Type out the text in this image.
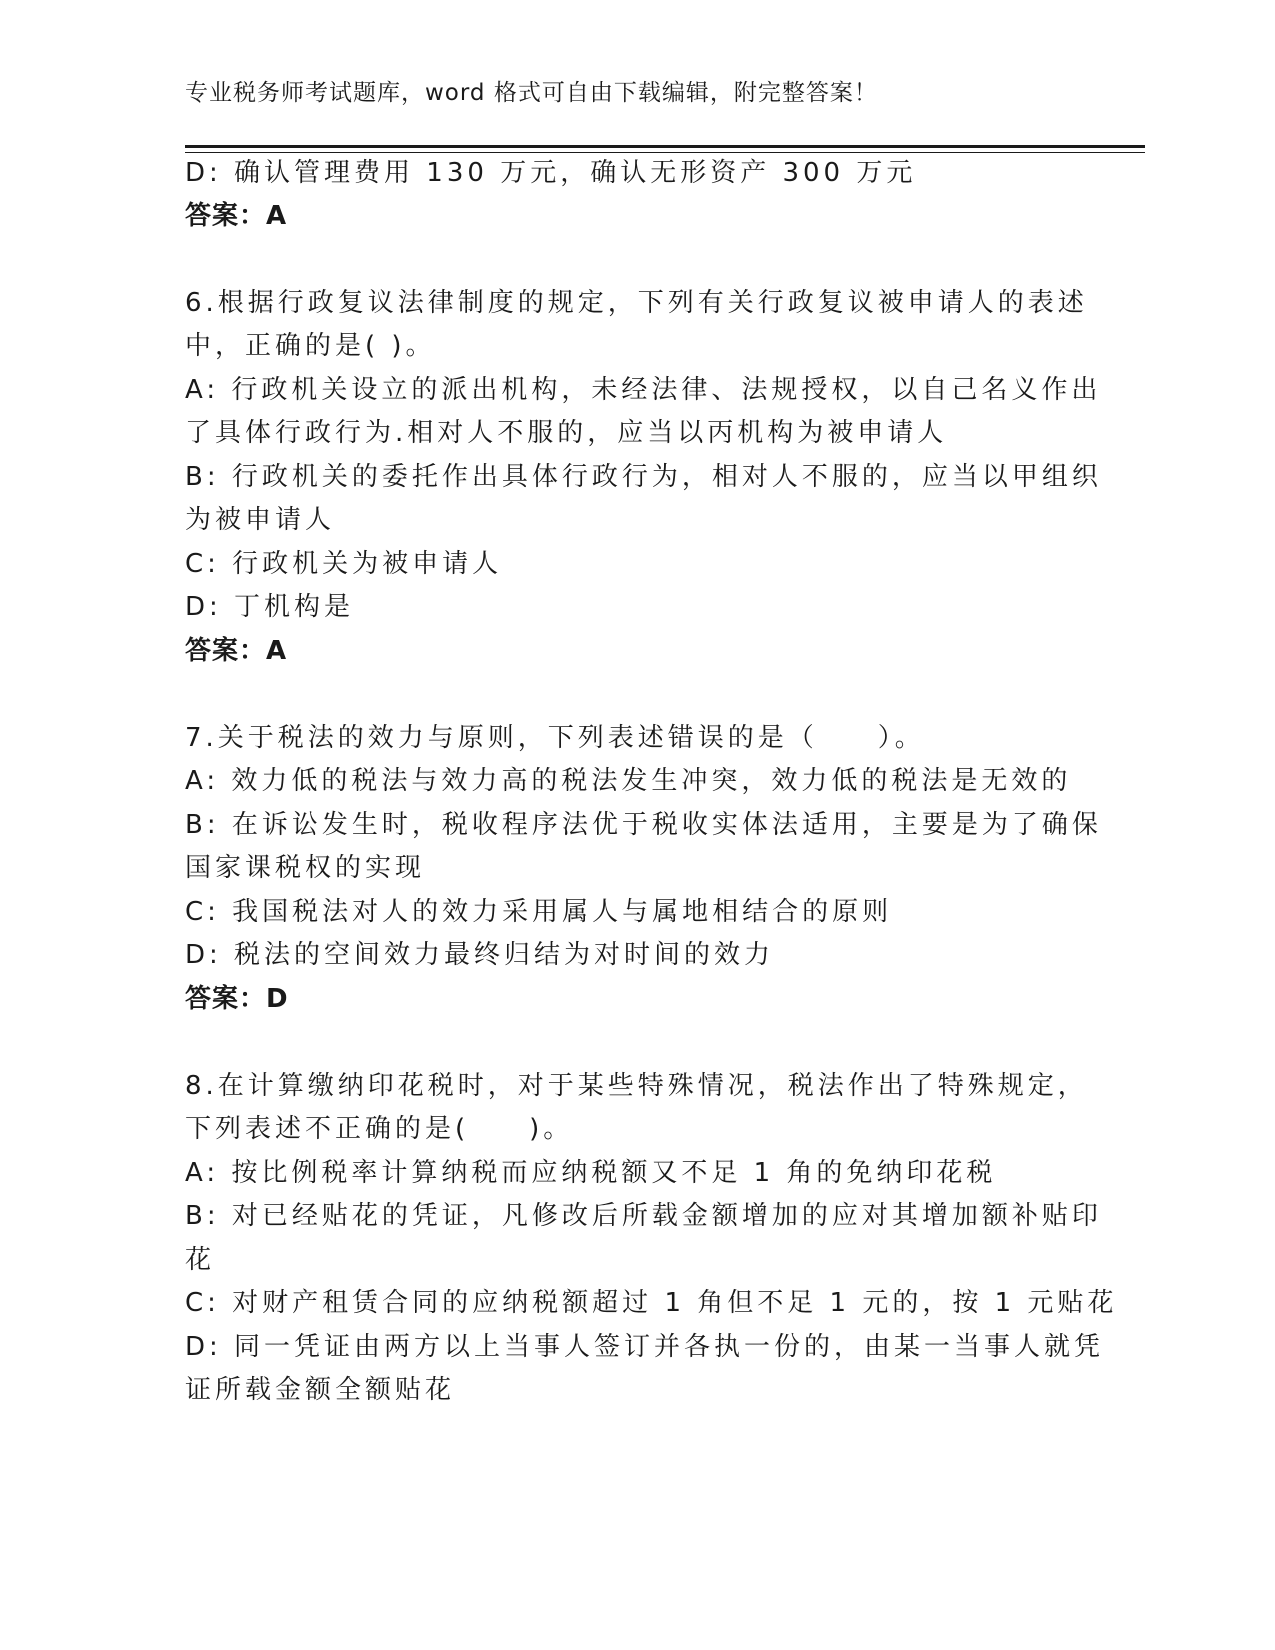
专业税务师考试题库，word 格式可自由下载编辑，附完整答案！
D: 确认管理费用 130 万元，确认无形资产 300 万元
答案：A
6.根据行政复议法律制度的规定，下列有关行政复议被申请人的表述
中，正确的是( )。
A: 行政机关设立的派出机构，未经法律、法规授权，以自己名义作出
了具体行政行为.相对人不服的，应当以丙机构为被申请人
B: 行政机关的委托作出具体行政行为，相对人不服的，应当以甲组织
为被申请人
C: 行政机关为被申请人
D: 丁机构是
答案：A
7.关于税法的效力与原则，下列表述错误的是（　　）。
A: 效力低的税法与效力高的税法发生冲突，效力低的税法是无效的
B: 在诉讼发生时，税收程序法优于税收实体法适用，主要是为了确保
国家课税权的实现
C: 我国税法对人的效力采用属人与属地相结合的原则
D: 税法的空间效力最终归结为对时间的效力
答案：D
8.在计算缴纳印花税时，对于某些特殊情况，税法作出了特殊规定，
下列表述不正确的是(　　)。
A: 按比例税率计算纳税而应纳税额又不足 1 角的免纳印花税
B: 对已经贴花的凭证，凡修改后所载金额增加的应对其增加额补贴印
花
C: 对财产租赁合同的应纳税额超过 1 角但不足 1 元的，按 1 元贴花
D: 同一凭证由两方以上当事人签订并各执一份的，由某一当事人就凭
证所载金额全额贴花
